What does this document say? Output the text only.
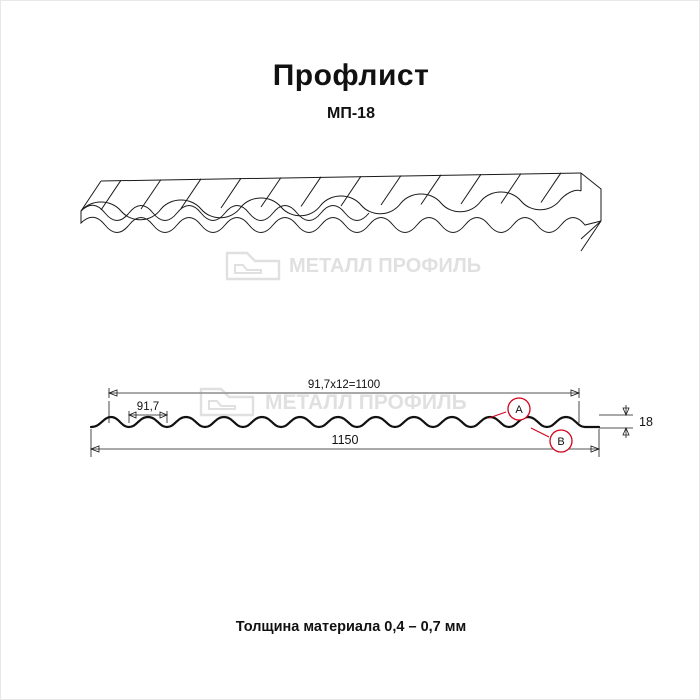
Профлист
МП-18
МЕТАЛЛ ПРОФИЛЬ
91,7x12=1100
91,7
1150
18
A
B
МЕТАЛЛ ПРОФИЛЬ
Толщина материала 0,4 – 0,7 мм
